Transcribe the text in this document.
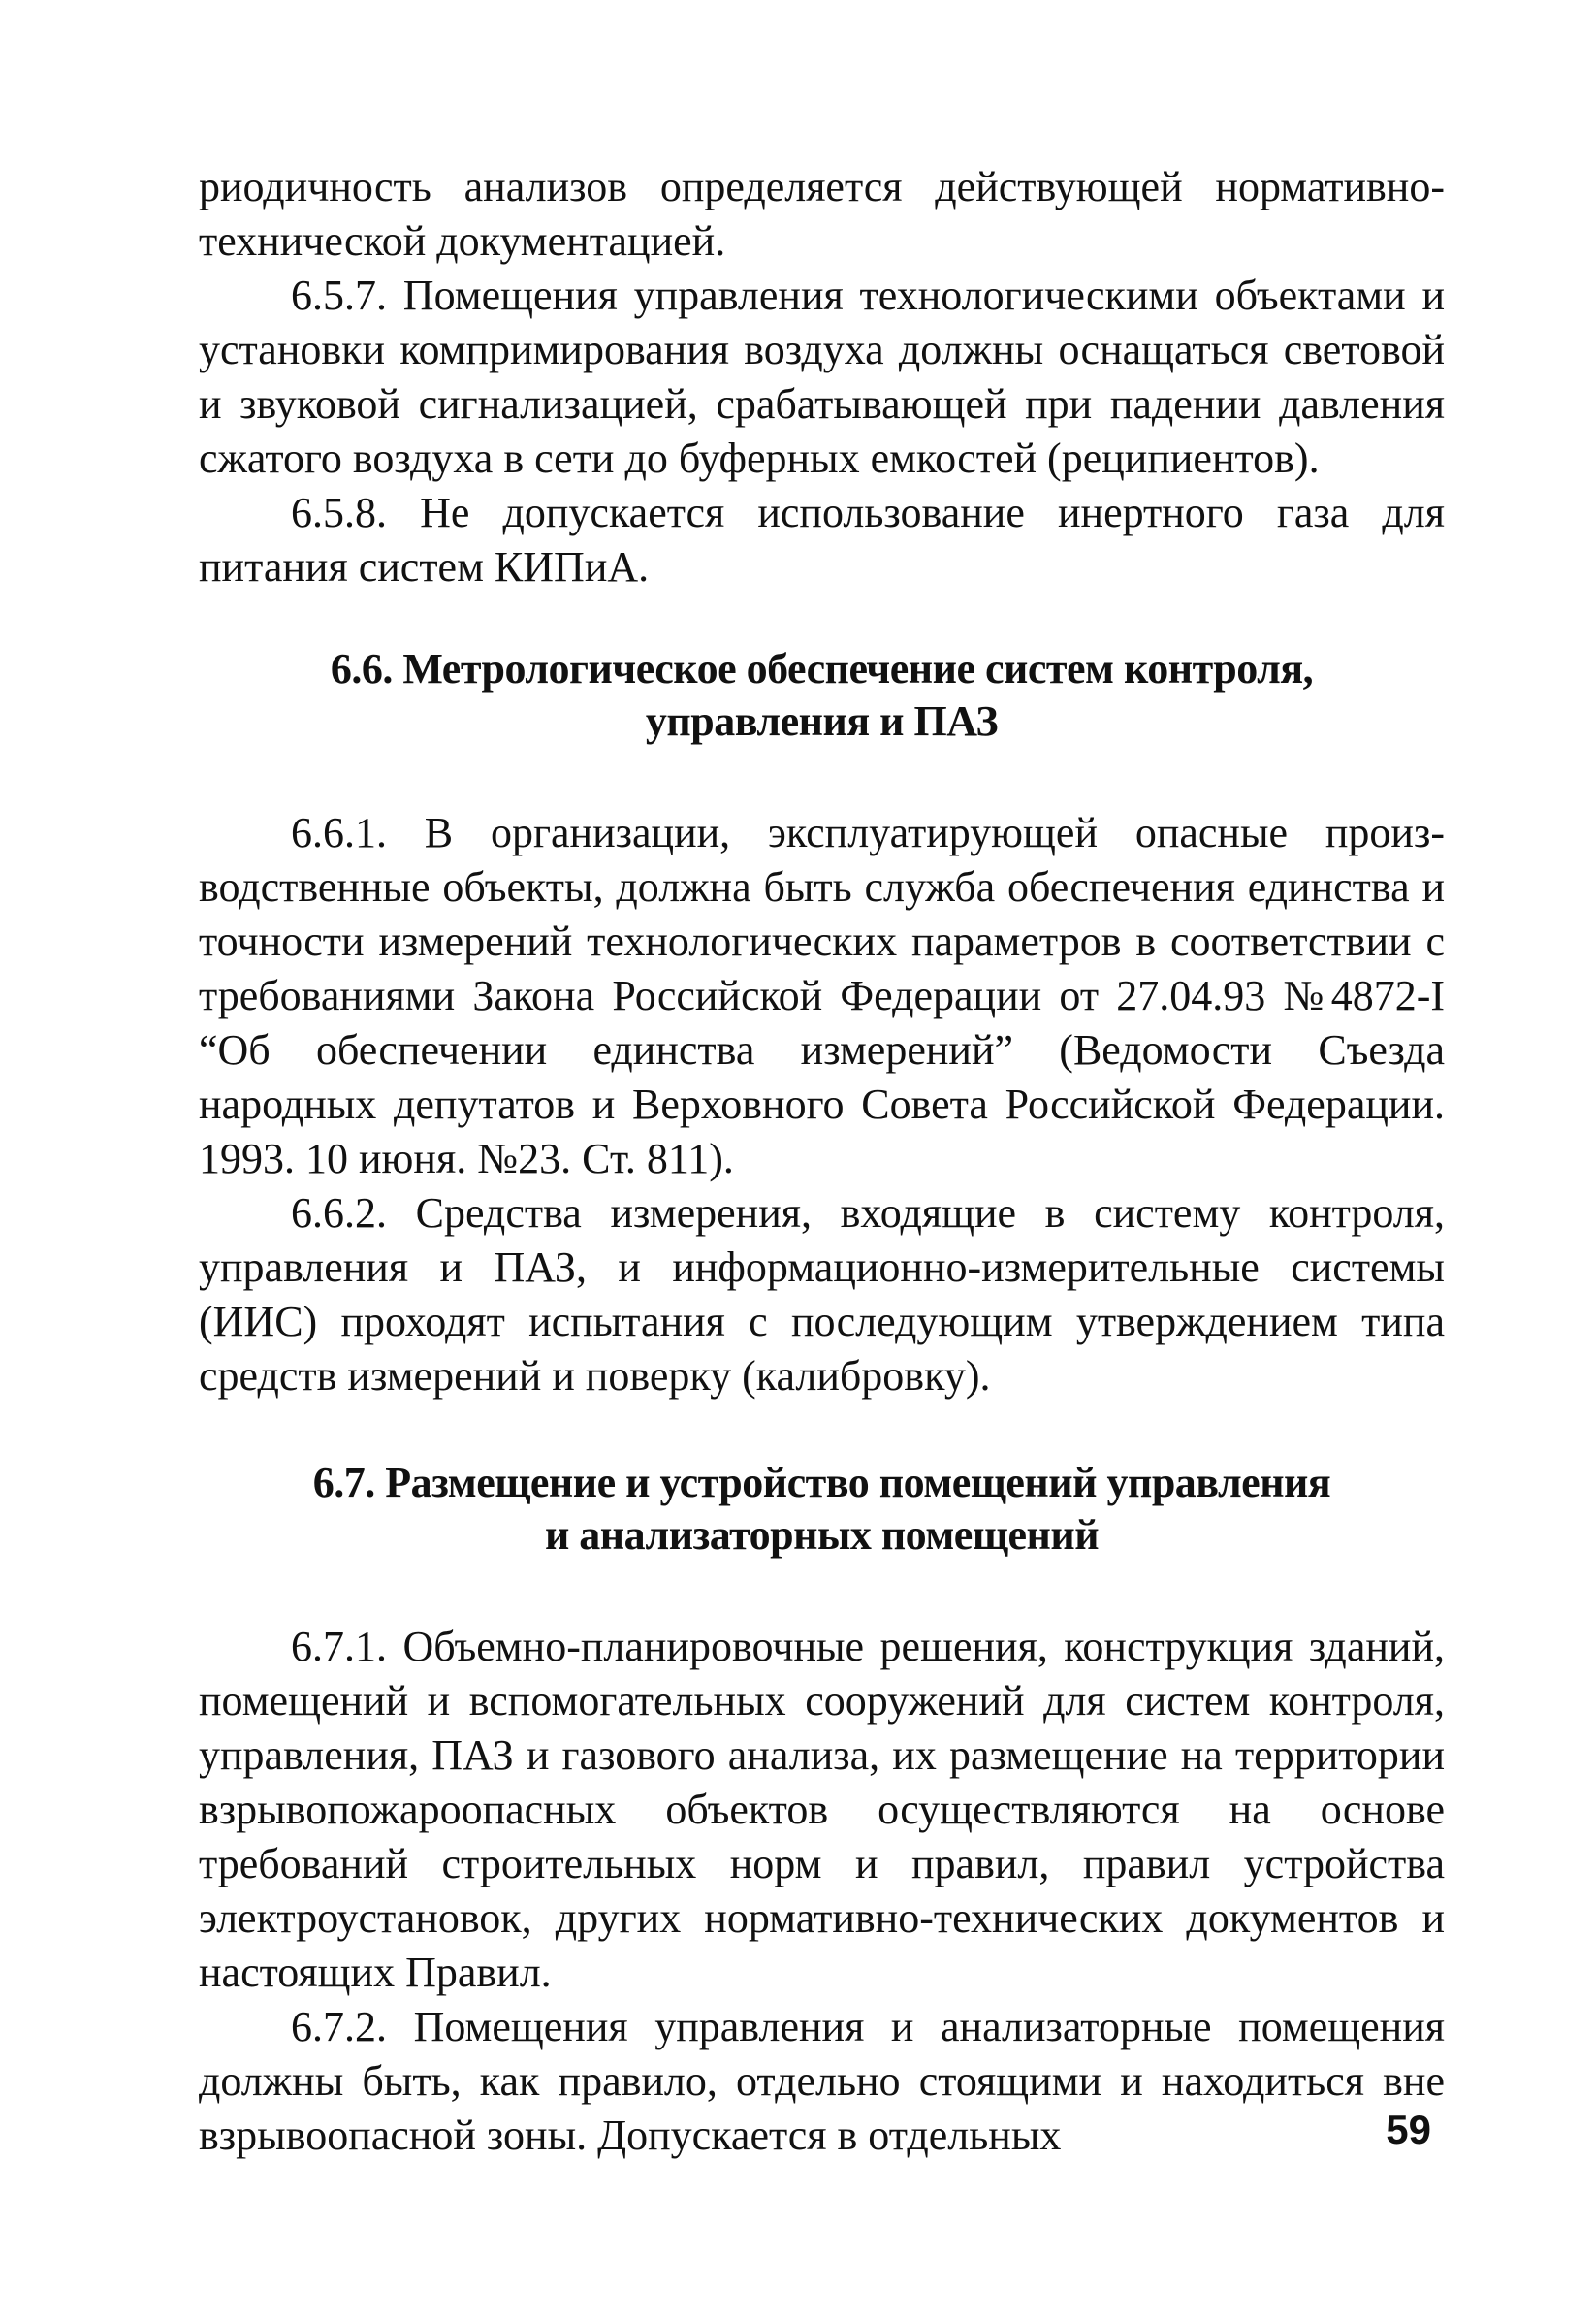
риодичность анализов определяется действующей нормативно-технической документацией.

6.5.7. Помещения управления технологическими объектами и установки компримирования воздуха должны оснащаться световой и звуковой сигнализацией, срабатывающей при падении давления сжатого воздуха в сети до буферных емкостей (реципиентов).

6.5.8. Не допускается использование инертного газа для питания систем КИПиА.

6.6. Метрологическое обеспечение систем контроля,
управления и ПАЗ

6.6.1. В организации, эксплуатирующей опасные производственные объекты, должна быть служба обеспечения единства и точности измерений технологических параметров в соответствии с требованиями Закона Российской Федерации от 27.04.93 №4872-I “Об обеспечении единства измерений” (Ведомости Съезда народных депутатов и Верховного Совета Российской Федерации. 1993. 10 июня. №23. Ст. 811).

6.6.2. Средства измерения, входящие в систему контроля, управления и ПАЗ, и информационно-измерительные системы (ИИС) проходят испытания с последующим утверждением типа средств измерений и поверку (калибровку).

6.7. Размещение и устройство помещений управления
и анализаторных помещений

6.7.1. Объемно-планировочные решения, конструкция зданий, помещений и вспомогательных сооружений для систем контроля, управления, ПАЗ и газового анализа, их размещение на территории взрывопожароопасных объектов осуществляются на основе требований строительных норм и правил, правил устройства электроустановок, других нормативно-технических документов и настоящих Правил.

6.7.2. Помещения управления и анализаторные помещения должны быть, как правило, отдельно стоящими и находиться вне взрывоопасной зоны. Допускается в отдельных	59
